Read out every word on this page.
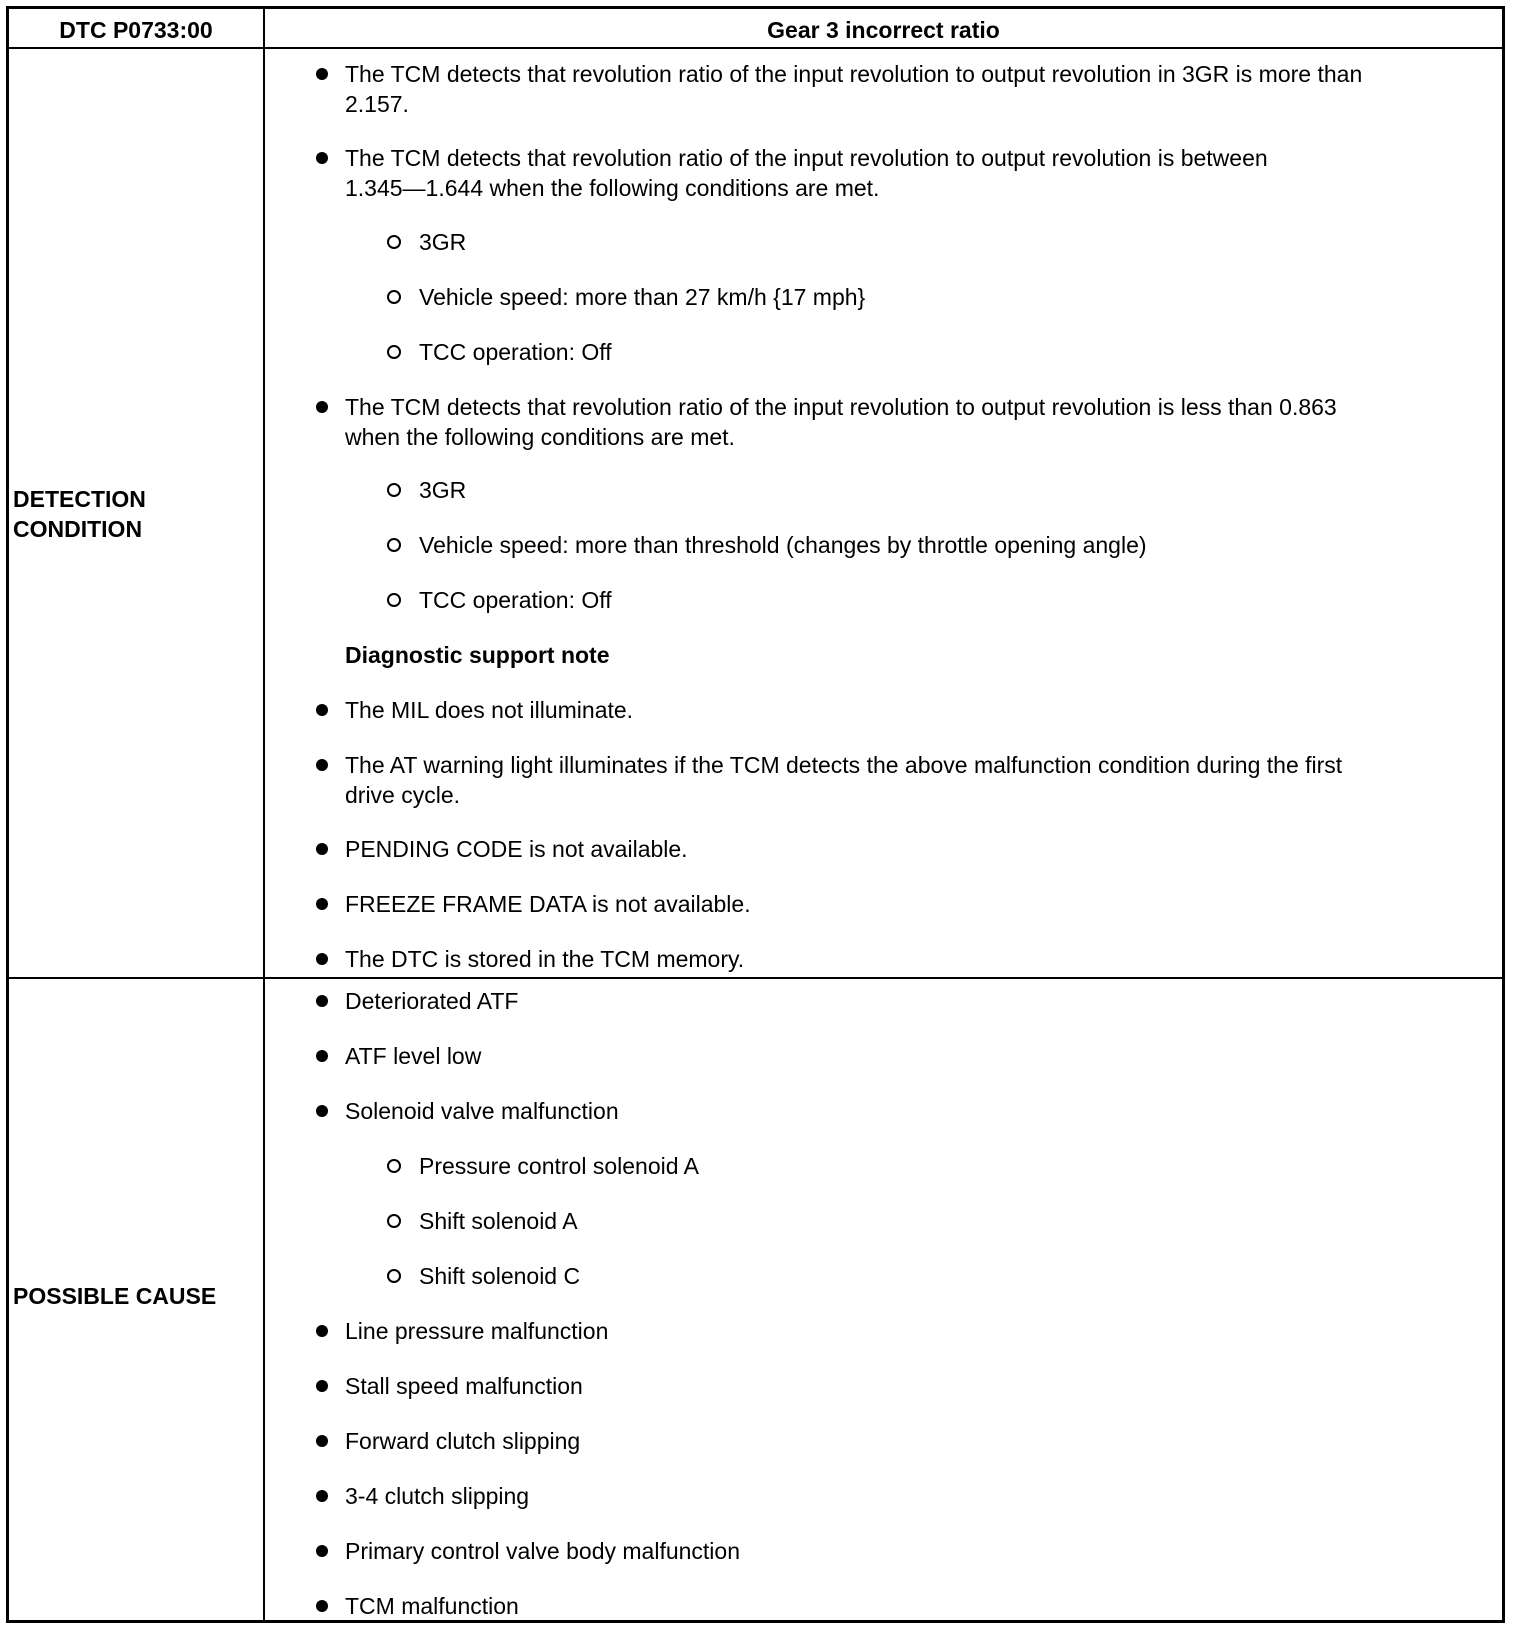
DTC P0733:00	Gear 3 incorrect ratio
DETECTION
CONDITION
The TCM detects that revolution ratio of the input revolution to output revolution in 3GR is more than
2.157.
The TCM detects that revolution ratio of the input revolution to output revolution is between
1.345—1.644 when the following conditions are met.
3GR
Vehicle speed: more than 27 km/h {17 mph}
TCC operation: Off
The TCM detects that revolution ratio of the input revolution to output revolution is less than 0.863
when the following conditions are met.
3GR
Vehicle speed: more than threshold (changes by throttle opening angle)
TCC operation: Off
Diagnostic support note
The MIL does not illuminate.
The AT warning light illuminates if the TCM detects the above malfunction condition during the first
drive cycle.
PENDING CODE is not available.
FREEZE FRAME DATA is not available.
The DTC is stored in the TCM memory.
POSSIBLE CAUSE
Deteriorated ATF
ATF level low
Solenoid valve malfunction
Pressure control solenoid A
Shift solenoid A
Shift solenoid C
Line pressure malfunction
Stall speed malfunction
Forward clutch slipping
3-4 clutch slipping
Primary control valve body malfunction
TCM malfunction
